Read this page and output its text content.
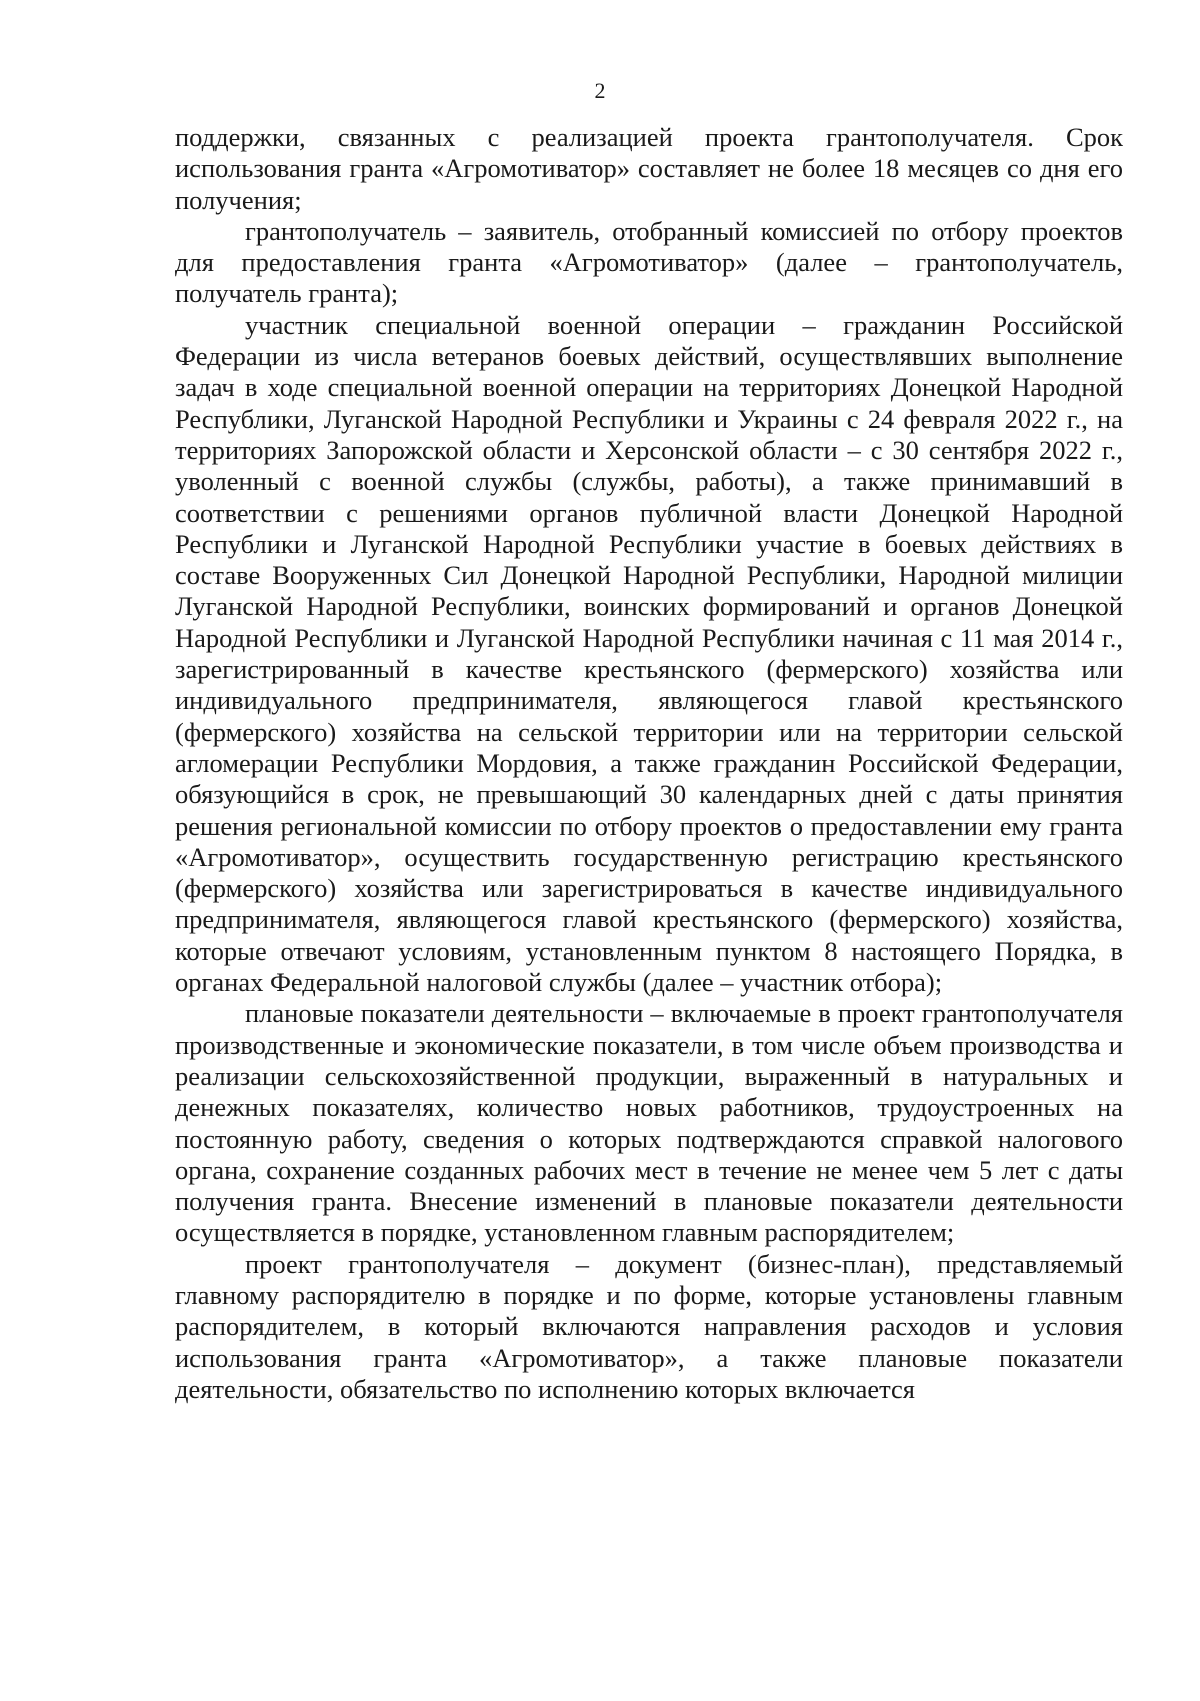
2

поддержки, связанных с реализацией проекта грантополучателя. Срок использования гранта «Агромотиватор» составляет не более 18 месяцев со дня его получения;

грантополучатель – заявитель, отобранный комиссией по отбору проектов для предоставления гранта «Агромотиватор» (далее – грантополучатель, получатель гранта);

участник специальной военной операции – гражданин Российской Федерации из числа ветеранов боевых действий, осуществлявших выполнение задач в ходе специальной военной операции на территориях Донецкой Народной Республики, Луганской Народной Республики и Украины с 24 февраля 2022 г., на территориях Запорожской области и Херсонской области – с 30 сентября 2022 г., уволенный с военной службы (службы, работы), а также принимавший в соответствии с решениями органов публичной власти Донецкой Народной Республики и Луганской Народной Республики участие в боевых действиях в составе Вооруженных Сил Донецкой Народной Республики, Народной милиции Луганской Народной Республики, воинских формирований и органов Донецкой Народной Республики и Луганской Народной Республики начиная с 11 мая 2014 г., зарегистрированный в качестве крестьянского (фермерского) хозяйства или индивидуального предпринимателя, являющегося главой крестьянского (фермерского) хозяйства на сельской территории или на территории сельской агломерации Республики Мордовия, а также гражданин Российской Федерации, обязующийся в срок, не превышающий 30 календарных дней с даты принятия решения региональной комиссии по отбору проектов о предоставлении ему гранта «Агромотиватор», осуществить государственную регистрацию крестьянского (фермерского) хозяйства или зарегистрироваться в качестве индивидуального предпринимателя, являющегося главой крестьянского (фермерского) хозяйства, которые отвечают условиям, установленным пунктом 8 настоящего Порядка, в органах Федеральной налоговой службы (далее – участник отбора);

плановые показатели деятельности – включаемые в проект грантополучателя производственные и экономические показатели, в том числе объем производства и реализации сельскохозяйственной продукции, выраженный в натуральных и денежных показателях, количество новых работников, трудоустроенных на постоянную работу, сведения о которых подтверждаются справкой налогового органа, сохранение созданных рабочих мест в течение не менее чем 5 лет с даты получения гранта. Внесение изменений в плановые показатели деятельности осуществляется в порядке, установленном главным распорядителем;

проект грантополучателя – документ (бизнес-план), представляемый главному распорядителю в порядке и по форме, которые установлены главным распорядителем, в который включаются направления расходов и условия использования гранта «Агромотиватор», а также плановые показатели деятельности, обязательство по исполнению которых включается
